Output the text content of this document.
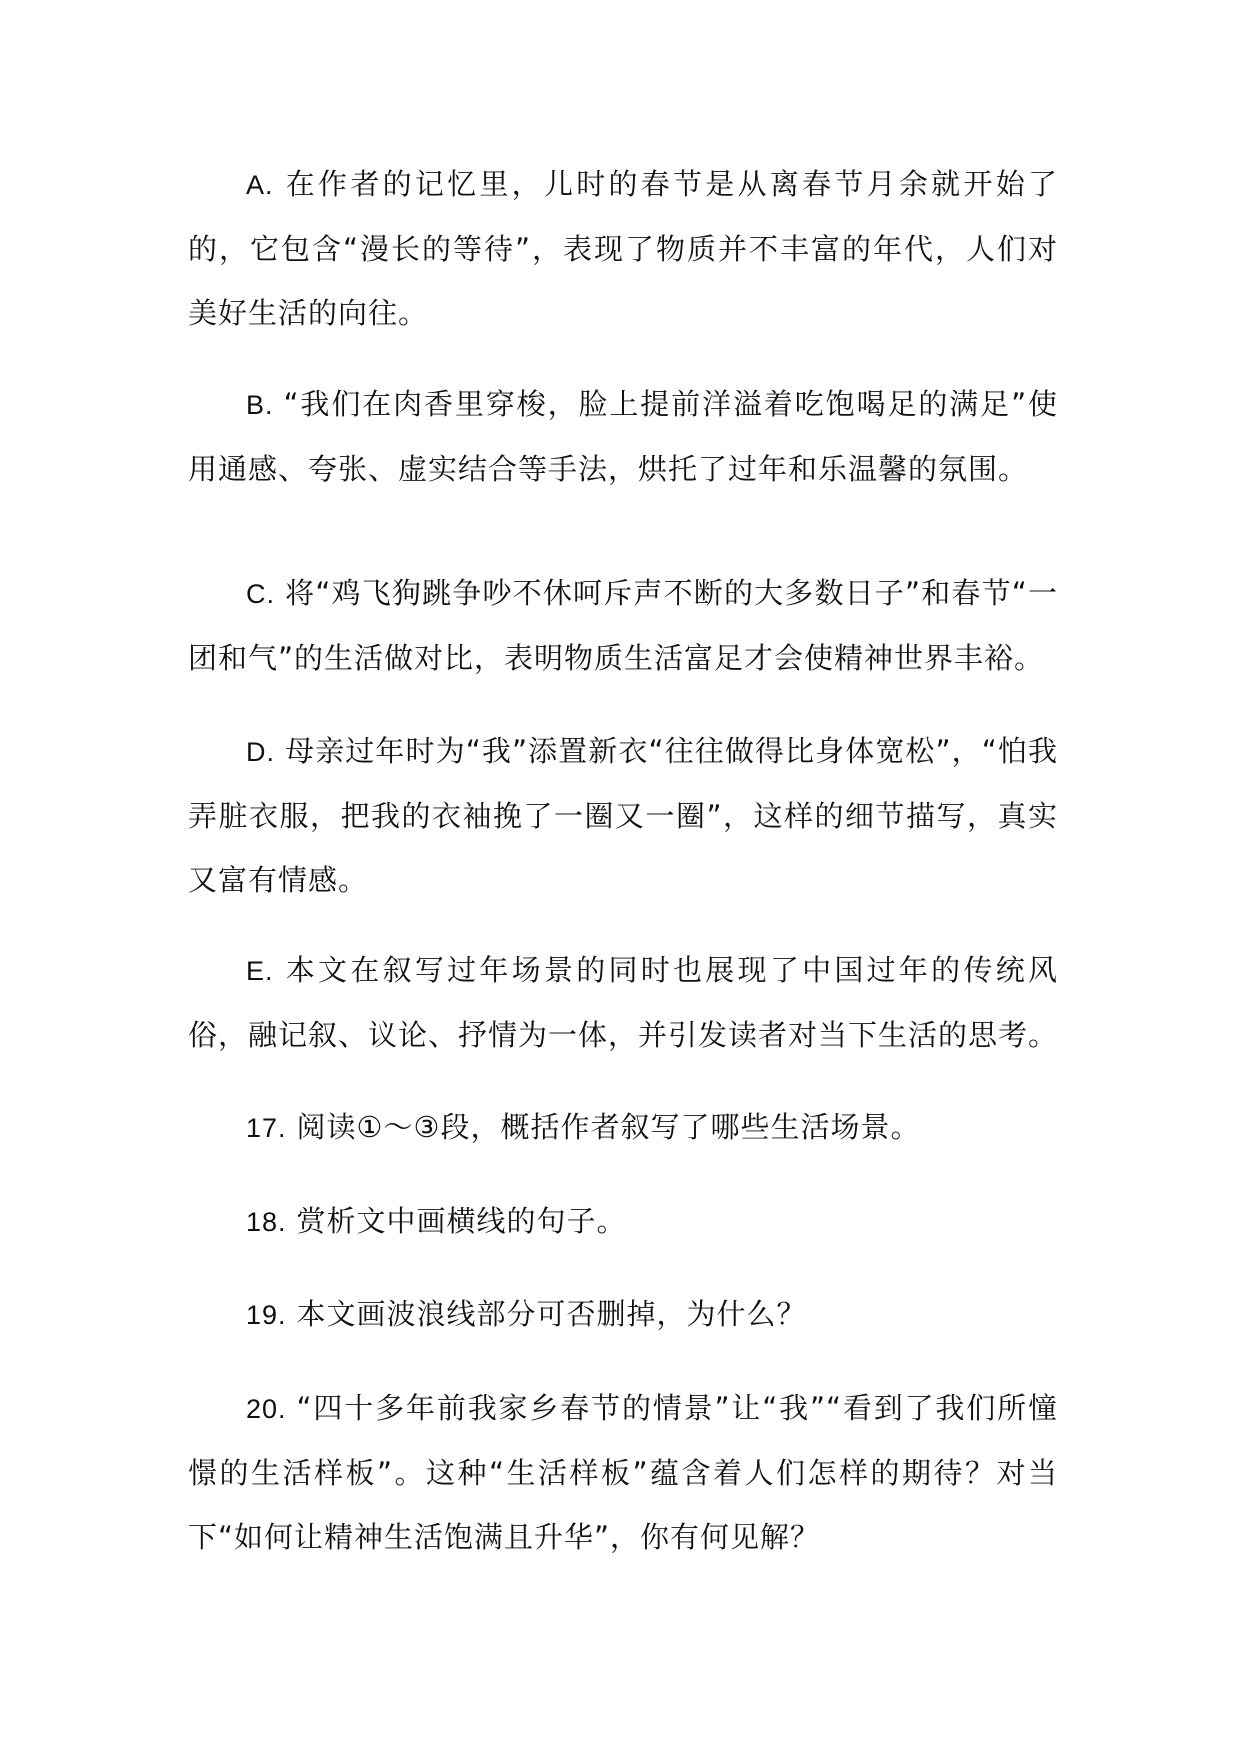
A. 在作者的记忆里，儿时的春节是从离春节月余就开始了的，它包含“漫长的等待”，表现了物质并不丰富的年代，人们对美好生活的向往。

B. “我们在肉香里穿梭，脸上提前洋溢着吃饱喝足的满足”使用通感、夸张、虚实结合等手法，烘托了过年和乐温馨的氛围。

C. 将“鸡飞狗跳争吵不休呵斥声不断的大多数日子”和春节“一团和气”的生活做对比，表明物质生活富足才会使精神世界丰裕。

D. 母亲过年时为“我”添置新衣“往往做得比身体宽松”，“怕我弄脏衣服，把我的衣袖挽了一圈又一圈”，这样的细节描写，真实又富有情感。

E. 本文在叙写过年场景的同时也展现了中国过年的传统风俗，融记叙、议论、抒情为一体，并引发读者对当下生活的思考。

17. 阅读①～③段，概括作者叙写了哪些生活场景。

18. 赏析文中画横线的句子。

19. 本文画波浪线部分可否删掉，为什么？

20. “四十多年前我家乡春节的情景”让“我”“看到了我们所憧憬的生活样板”。这种“生活样板”蕴含着人们怎样的期待？对当下“如何让精神生活饱满且升华”，你有何见解？
